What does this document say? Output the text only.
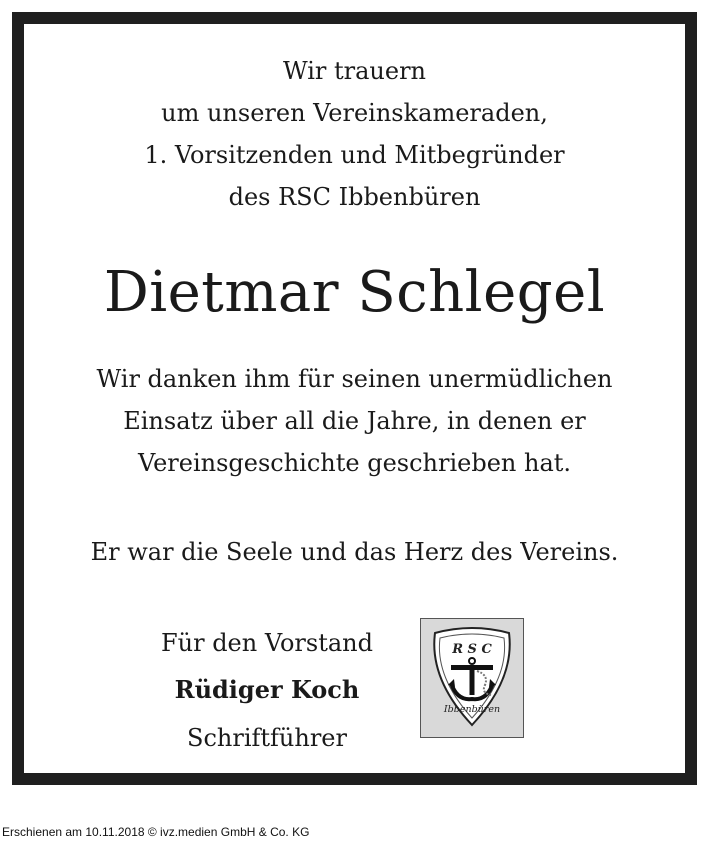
Wir trauern
um unseren Vereinskameraden,
1. Vorsitzenden und Mitbegründer
des RSC Ibbenbüren
Dietmar Schlegel
Wir danken ihm für seinen unermüdlichen
Einsatz über all die Jahre, in denen er
Vereinsgeschichte geschrieben hat.
Er war die Seele und das Herz des Vereins.
Für den Vorstand
Rüdiger Koch
Schriftführer
R S C
Ibbenbüren
Erschienen am 10.11.2018 © ivz.medien GmbH & Co. KG
